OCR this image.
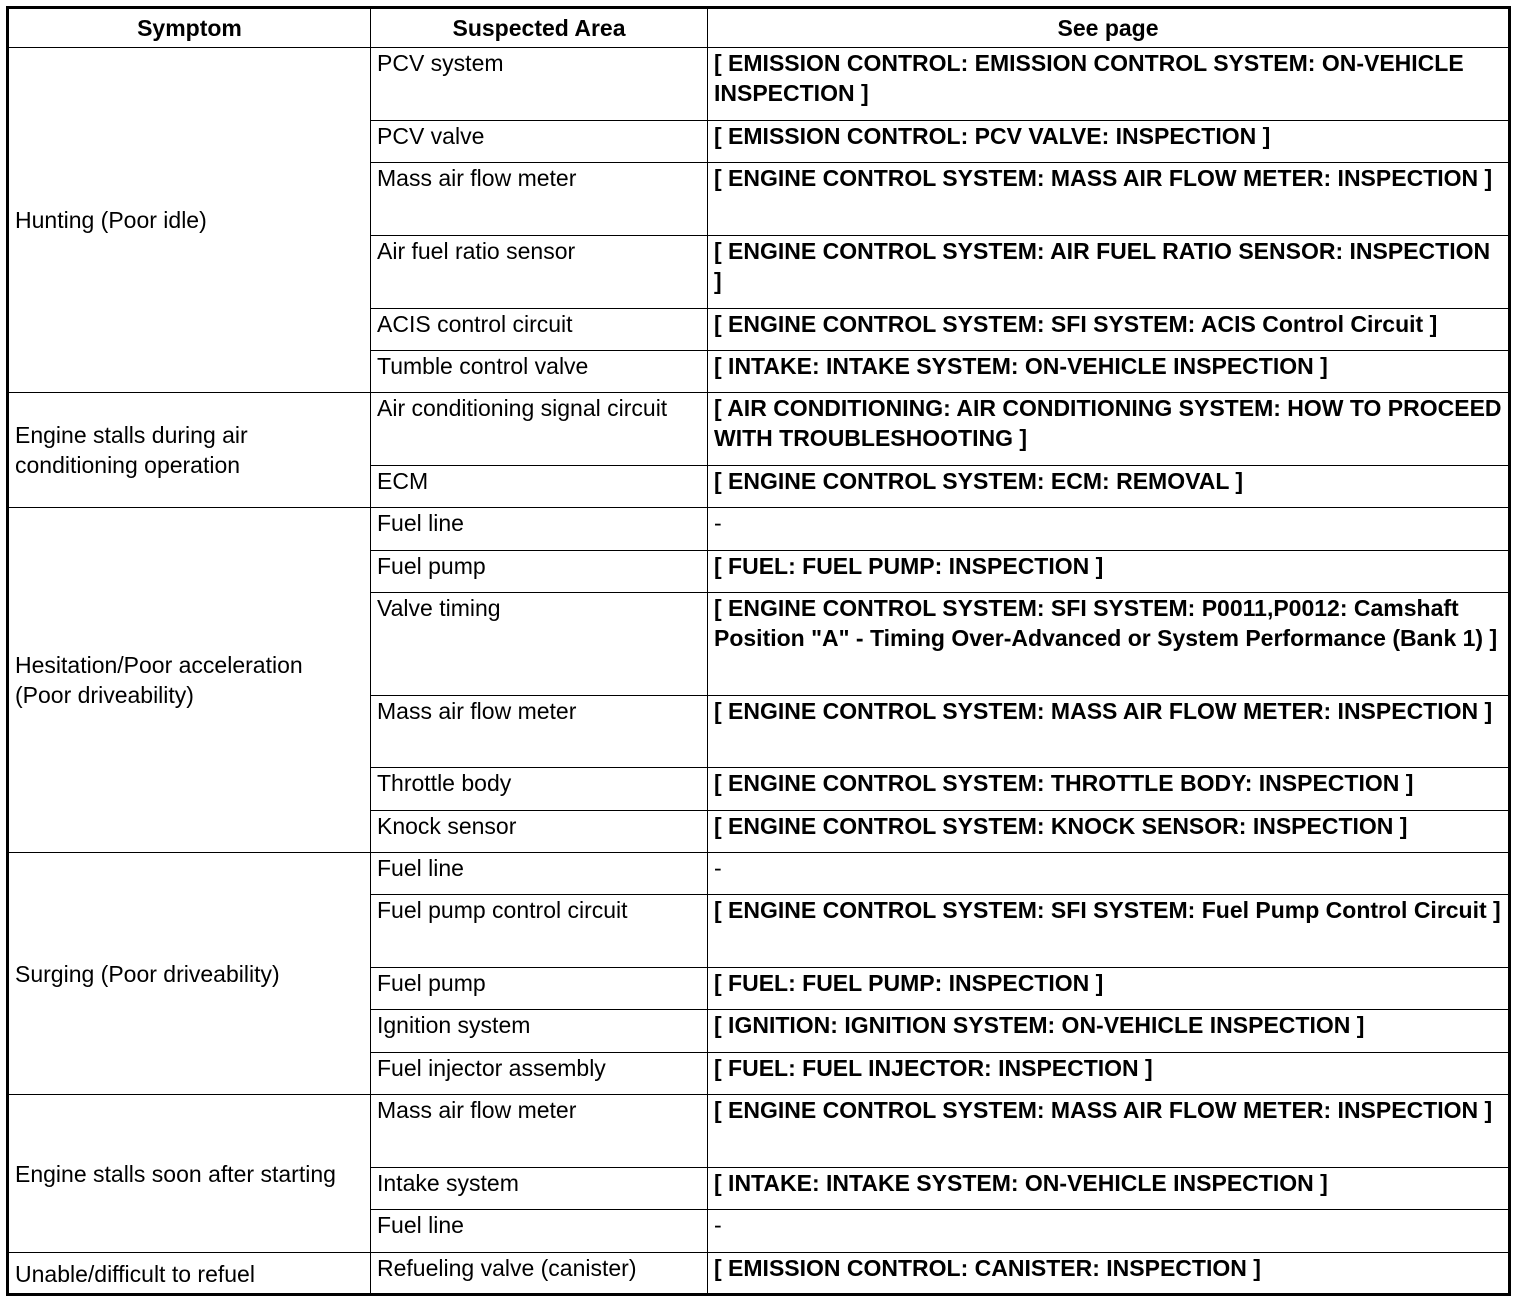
Symptom	Suspected Area	See page
Hunting (Poor idle)	PCV system	[ EMISSION CONTROL: EMISSION CONTROL SYSTEM: ON-VEHICLE INSPECTION ]
	PCV valve	[ EMISSION CONTROL: PCV VALVE: INSPECTION ]
	Mass air flow meter	[ ENGINE CONTROL SYSTEM: MASS AIR FLOW METER: INSPECTION ]
	Air fuel ratio sensor	[ ENGINE CONTROL SYSTEM: AIR FUEL RATIO SENSOR: INSPECTION ]
	ACIS control circuit	[ ENGINE CONTROL SYSTEM: SFI SYSTEM: ACIS Control Circuit ]
	Tumble control valve	[ INTAKE: INTAKE SYSTEM: ON-VEHICLE INSPECTION ]
Engine stalls during air conditioning operation	Air conditioning signal circuit	[ AIR CONDITIONING: AIR CONDITIONING SYSTEM: HOW TO PROCEED WITH TROUBLESHOOTING ]
	ECM	[ ENGINE CONTROL SYSTEM: ECM: REMOVAL ]
Hesitation/Poor acceleration (Poor driveability)	Fuel line	-
	Fuel pump	[ FUEL: FUEL PUMP: INSPECTION ]
	Valve timing	[ ENGINE CONTROL SYSTEM: SFI SYSTEM: P0011,P0012: Camshaft Position "A" - Timing Over-Advanced or System Performance (Bank 1) ]
	Mass air flow meter	[ ENGINE CONTROL SYSTEM: MASS AIR FLOW METER: INSPECTION ]
	Throttle body	[ ENGINE CONTROL SYSTEM: THROTTLE BODY: INSPECTION ]
	Knock sensor	[ ENGINE CONTROL SYSTEM: KNOCK SENSOR: INSPECTION ]
Surging (Poor driveability)	Fuel line	-
	Fuel pump control circuit	[ ENGINE CONTROL SYSTEM: SFI SYSTEM: Fuel Pump Control Circuit ]
	Fuel pump	[ FUEL: FUEL PUMP: INSPECTION ]
	Ignition system	[ IGNITION: IGNITION SYSTEM: ON-VEHICLE INSPECTION ]
	Fuel injector assembly	[ FUEL: FUEL INJECTOR: INSPECTION ]
Engine stalls soon after starting	Mass air flow meter	[ ENGINE CONTROL SYSTEM: MASS AIR FLOW METER: INSPECTION ]
	Intake system	[ INTAKE: INTAKE SYSTEM: ON-VEHICLE INSPECTION ]
	Fuel line	-
Unable/difficult to refuel	Refueling valve (canister)	[ EMISSION CONTROL: CANISTER: INSPECTION ]
